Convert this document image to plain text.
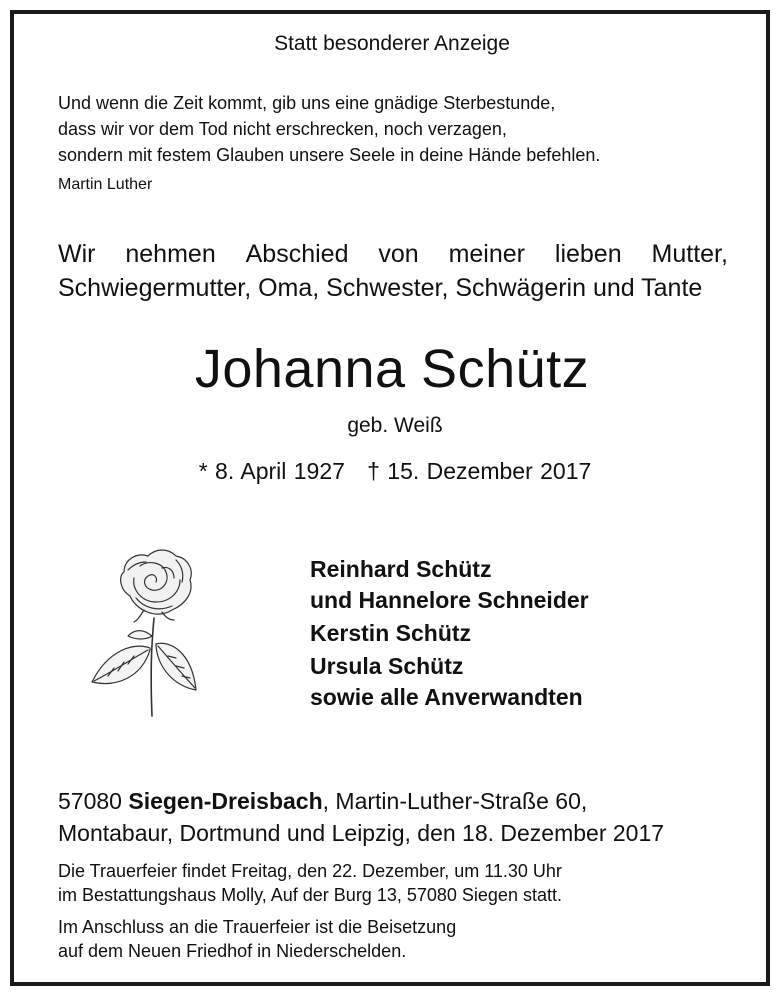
Statt besonderer Anzeige
Und wenn die Zeit kommt, gib uns eine gnädige Sterbestunde,
dass wir vor dem Tod nicht erschrecken, noch verzagen,
sondern mit festem Glauben unsere Seele in deine Hände befehlen.
Martin Luther
Wir nehmen Abschied von meiner lieben Mutter,
Schwiegermutter, Oma, Schwester, Schwägerin und Tante
Johanna Schütz
geb. Weiß
* 8. April 1927 † 15. Dezember 2017
Reinhard Schütz
und Hannelore Schneider
Kerstin Schütz
Ursula Schütz
sowie alle Anverwandten
57080 Siegen-Dreisbach, Martin-Luther-Straße 60,
Montabaur, Dortmund und Leipzig, den 18. Dezember 2017
Die Trauerfeier findet Freitag, den 22. Dezember, um 11.30 Uhr
im Bestattungshaus Molly, Auf der Burg 13, 57080 Siegen statt.
Im Anschluss an die Trauerfeier ist die Beisetzung
auf dem Neuen Friedhof in Niederschelden.
